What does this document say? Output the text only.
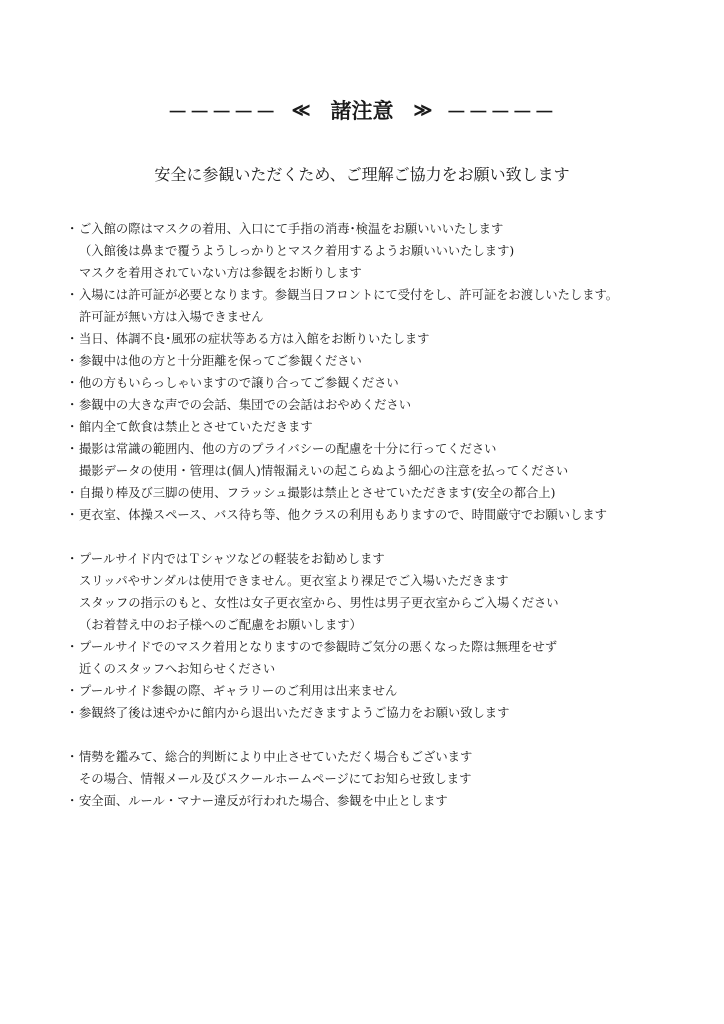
－－－－－ ≪ 諸注意 ≫ －－－－－
安全に参観いただくため、ご理解ご協力をお願い致します
・ご入館の際はマスクの着用、入口にて手指の消毒･検温をお願いいいたします
（入館後は鼻まで覆うようしっかりとマスク着用するようお願いいいたします)
マスクを着用されていない方は参観をお断りします
・入場には許可証が必要となります。参観当日フロントにて受付をし、許可証をお渡しいたします。
許可証が無い方は入場できません
・当日、体調不良･風邪の症状等ある方は入館をお断りいたします
・参観中は他の方と十分距離を保ってご参観ください
・他の方もいらっしゃいますので譲り合ってご参観ください
・参観中の大きな声での会話、集団での会話はおやめください
・館内全て飲食は禁止とさせていただきます
・撮影は常識の範囲内、他の方のプライバシーの配慮を十分に行ってください
撮影データの使用・管理は(個人)情報漏えいの起こらぬよう細心の注意を払ってください
・自撮り棒及び三脚の使用、フラッシュ撮影は禁止とさせていただきます(安全の都合上)
・更衣室、体操スペース、バス待ち等、他クラスの利用もありますので、時間厳守でお願いします
・プールサイド内ではＴシャツなどの軽装をお勧めします
スリッパやサンダルは使用できません。更衣室より裸足でご入場いただきます
スタッフの指示のもと、女性は女子更衣室から、男性は男子更衣室からご入場ください
（お着替え中のお子様へのご配慮をお願いします）
・プールサイドでのマスク着用となりますので参観時ご気分の悪くなった際は無理をせず
近くのスタッフへお知らせください
・プールサイド参観の際、ギャラリーのご利用は出来ません
・参観終了後は速やかに館内から退出いただきますようご協力をお願い致します
・情勢を鑑みて、総合的判断により中止させていただく場合もございます
その場合、情報メール及びスクールホームページにてお知らせ致します
・安全面、ルール・マナー違反が行われた場合、参観を中止とします
